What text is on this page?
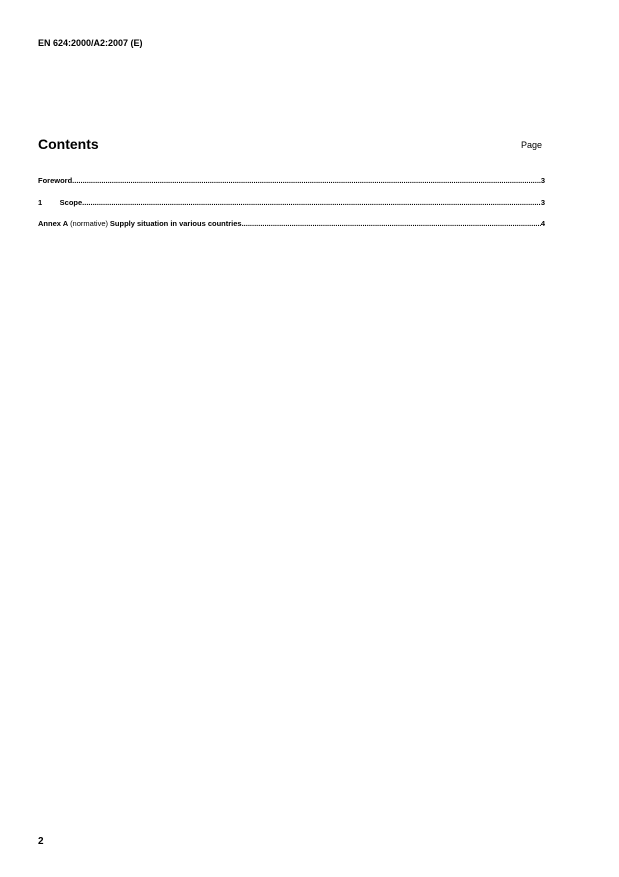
EN 624:2000/A2:2007 (E)
Contents	Page
Foreword .....	3
1	Scope .....	3
Annex A (normative) Supply situation in various countries .....	4
2
